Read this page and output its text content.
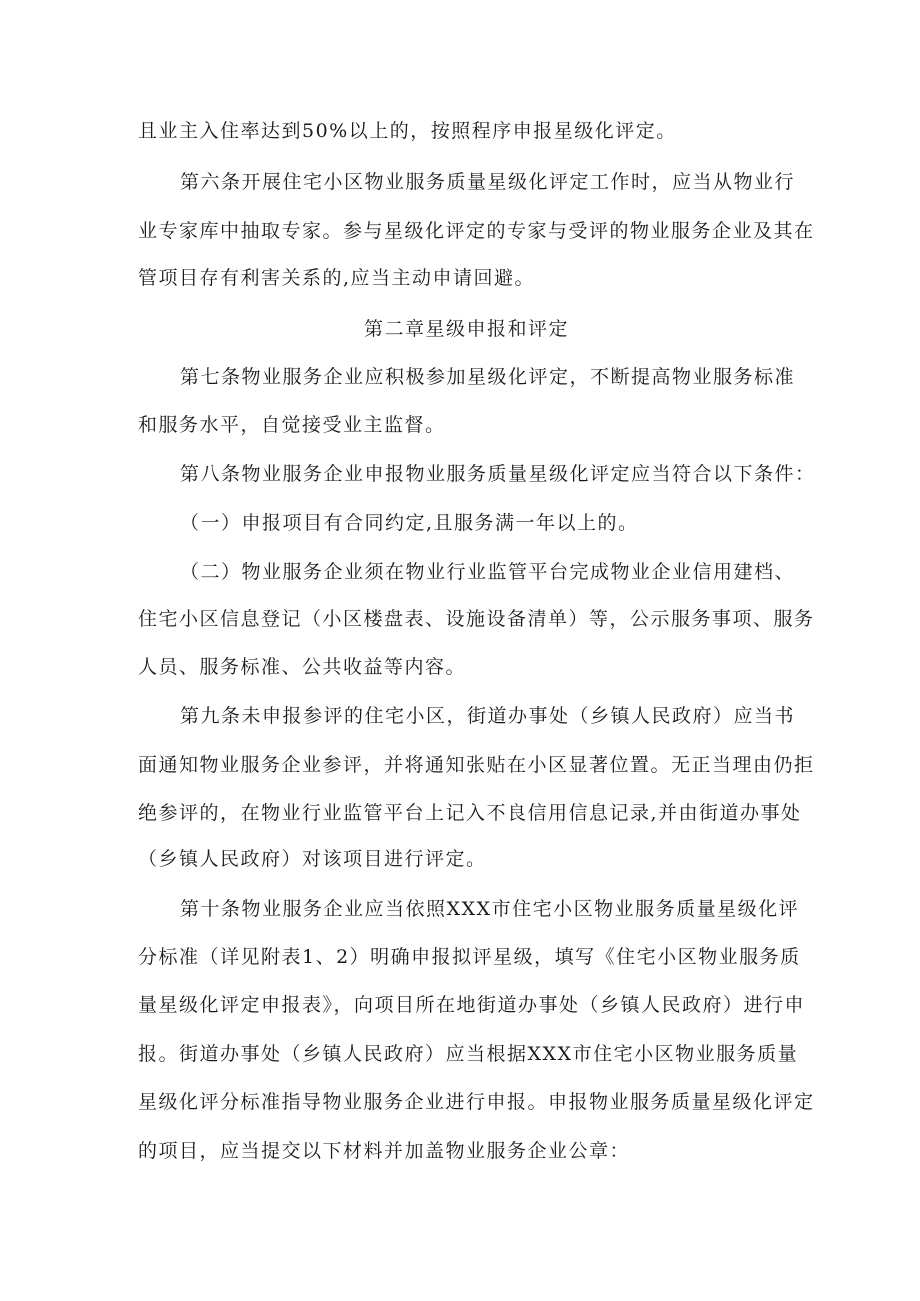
且业主入住率达到50%以上的，按照程序申报星级化评定。
第六条开展住宅小区物业服务质量星级化评定工作时，应当从物业行
业专家库中抽取专家。参与星级化评定的专家与受评的物业服务企业及其在
管项目存有利害关系的,应当主动申请回避。
第二章星级申报和评定
第七条物业服务企业应积极参加星级化评定，不断提高物业服务标准
和服务水平，自觉接受业主监督。
第八条物业服务企业申报物业服务质量星级化评定应当符合以下条件：
（一）申报项目有合同约定,且服务满一年以上的。
（二）物业服务企业须在物业行业监管平台完成物业企业信用建档、
住宅小区信息登记（小区楼盘表、设施设备清单）等，公示服务事项、服务
人员、服务标准、公共收益等内容。
第九条未申报参评的住宅小区，街道办事处（乡镇人民政府）应当书
面通知物业服务企业参评，并将通知张贴在小区显著位置。无正当理由仍拒
绝参评的，在物业行业监管平台上记入不良信用信息记录,并由街道办事处
（乡镇人民政府）对该项目进行评定。
第十条物业服务企业应当依照XXX市住宅小区物业服务质量星级化评
分标准（详见附表1、2）明确申报拟评星级，填写《住宅小区物业服务质
量星级化评定申报表》，向项目所在地街道办事处（乡镇人民政府）进行申
报。街道办事处（乡镇人民政府）应当根据XXX市住宅小区物业服务质量
星级化评分标准指导物业服务企业进行申报。申报物业服务质量星级化评定
的项目，应当提交以下材料并加盖物业服务企业公章：
